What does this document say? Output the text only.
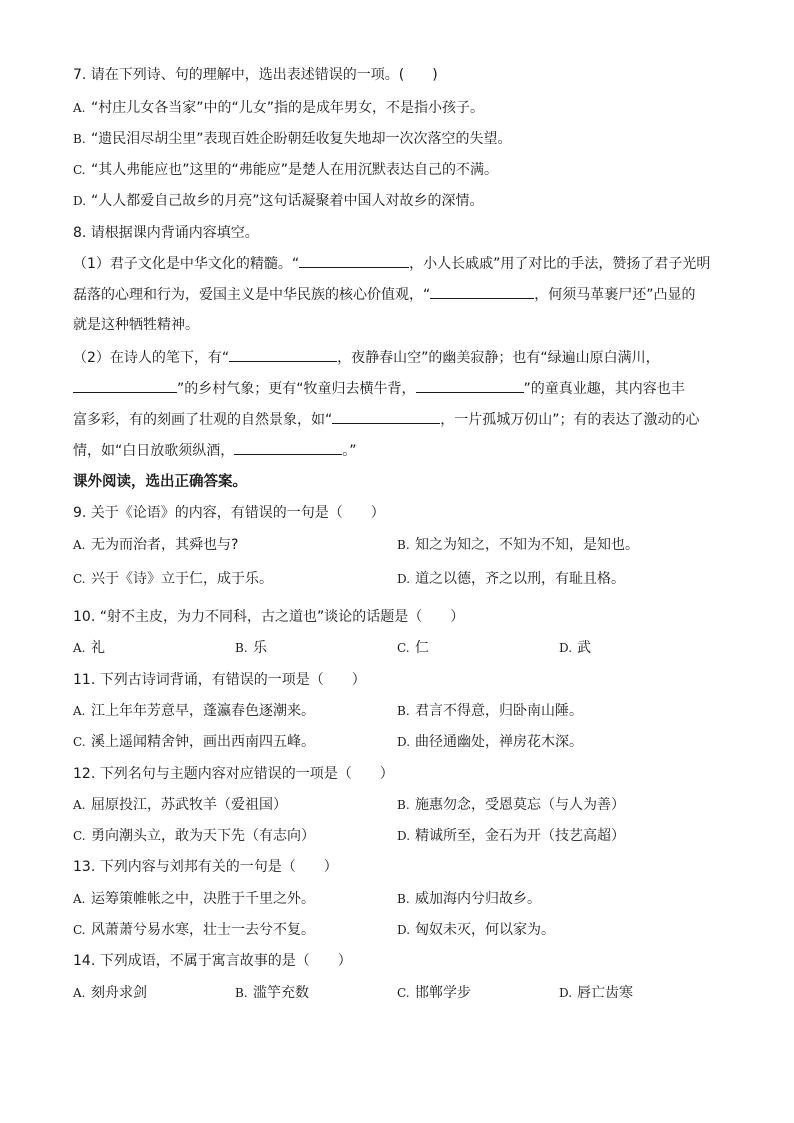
7. 请在下列诗、句的理解中，选出表述错误的一项。(　　)
A. “村庄儿女各当家”中的“儿女”指的是成年男女，不是指小孩子。
B. “遗民泪尽胡尘里”表现百姓企盼朝廷收复失地却一次次落空的失望。
C. “其人弗能应也”这里的“弗能应”是楚人在用沉默表达自己的不满。
D. “人人都爱自己故乡的月亮”这句话凝聚着中国人对故乡的深情。
8. 请根据课内背诵内容填空。
（1）君子文化是中华文化的精髓。“	，小人长戚戚”用了对比的手法，赞扬了君子光明
磊落的心理和行为，爱国主义是中华民族的核心价值观，“	，何须马革裹尸还”凸显的
就是这种牺牲精神。
（2）在诗人的笔下，有“	，夜静春山空”的幽美寂静；也有“绿遍山原白满川，
”的乡村气象；更有“牧童归去横牛背，	”的童真业趣，其内容也丰
富多彩，有的刻画了壮观的自然景象，如“	，一片孤城万仞山”；有的表达了激动的心
情，如“白日放歌须纵酒，	。”
课外阅读，选出正确答案。
9. 关于《论语》的内容，有错误的一句是（　　）
A. 无为而治者，其舜也与?	B. 知之为知之，不知为不知，是知也。
C. 兴于《诗》立于仁，成于乐。	D. 道之以德，齐之以刑，有耻且格。
10. “射不主皮，为力不同科，古之道也”谈论的话题是（　　）
A. 礼	B. 乐	C. 仁	D. 武
11. 下列古诗词背诵，有错误的一项是（　　）
A. 江上年年芳意早，蓬瀛春色逐潮来。	B. 君言不得意，归卧南山陲。
C. 溪上遥闻精舍钟，画出西南四五峰。	D. 曲径通幽处，禅房花木深。
12. 下列名句与主题内容对应错误的一项是（　　）
A. 屈原投江，苏武牧羊（爱祖国）	B. 施惠勿念，受恩莫忘（与人为善）
C. 勇向潮头立，敢为天下先（有志向）	D. 精诚所至，金石为开（技艺高超）
13. 下列内容与刘邦有关的一句是（　　）
A. 运筹策帷帐之中，决胜于千里之外。	B. 威加海内兮归故乡。
C. 风萧萧兮易水寒，壮士一去兮不复。	D. 匈奴未灭，何以家为。
14. 下列成语，不属于寓言故事的是（　　）
A. 刻舟求剑	B. 滥竽充数	C. 邯郸学步	D. 唇亡齿寒
